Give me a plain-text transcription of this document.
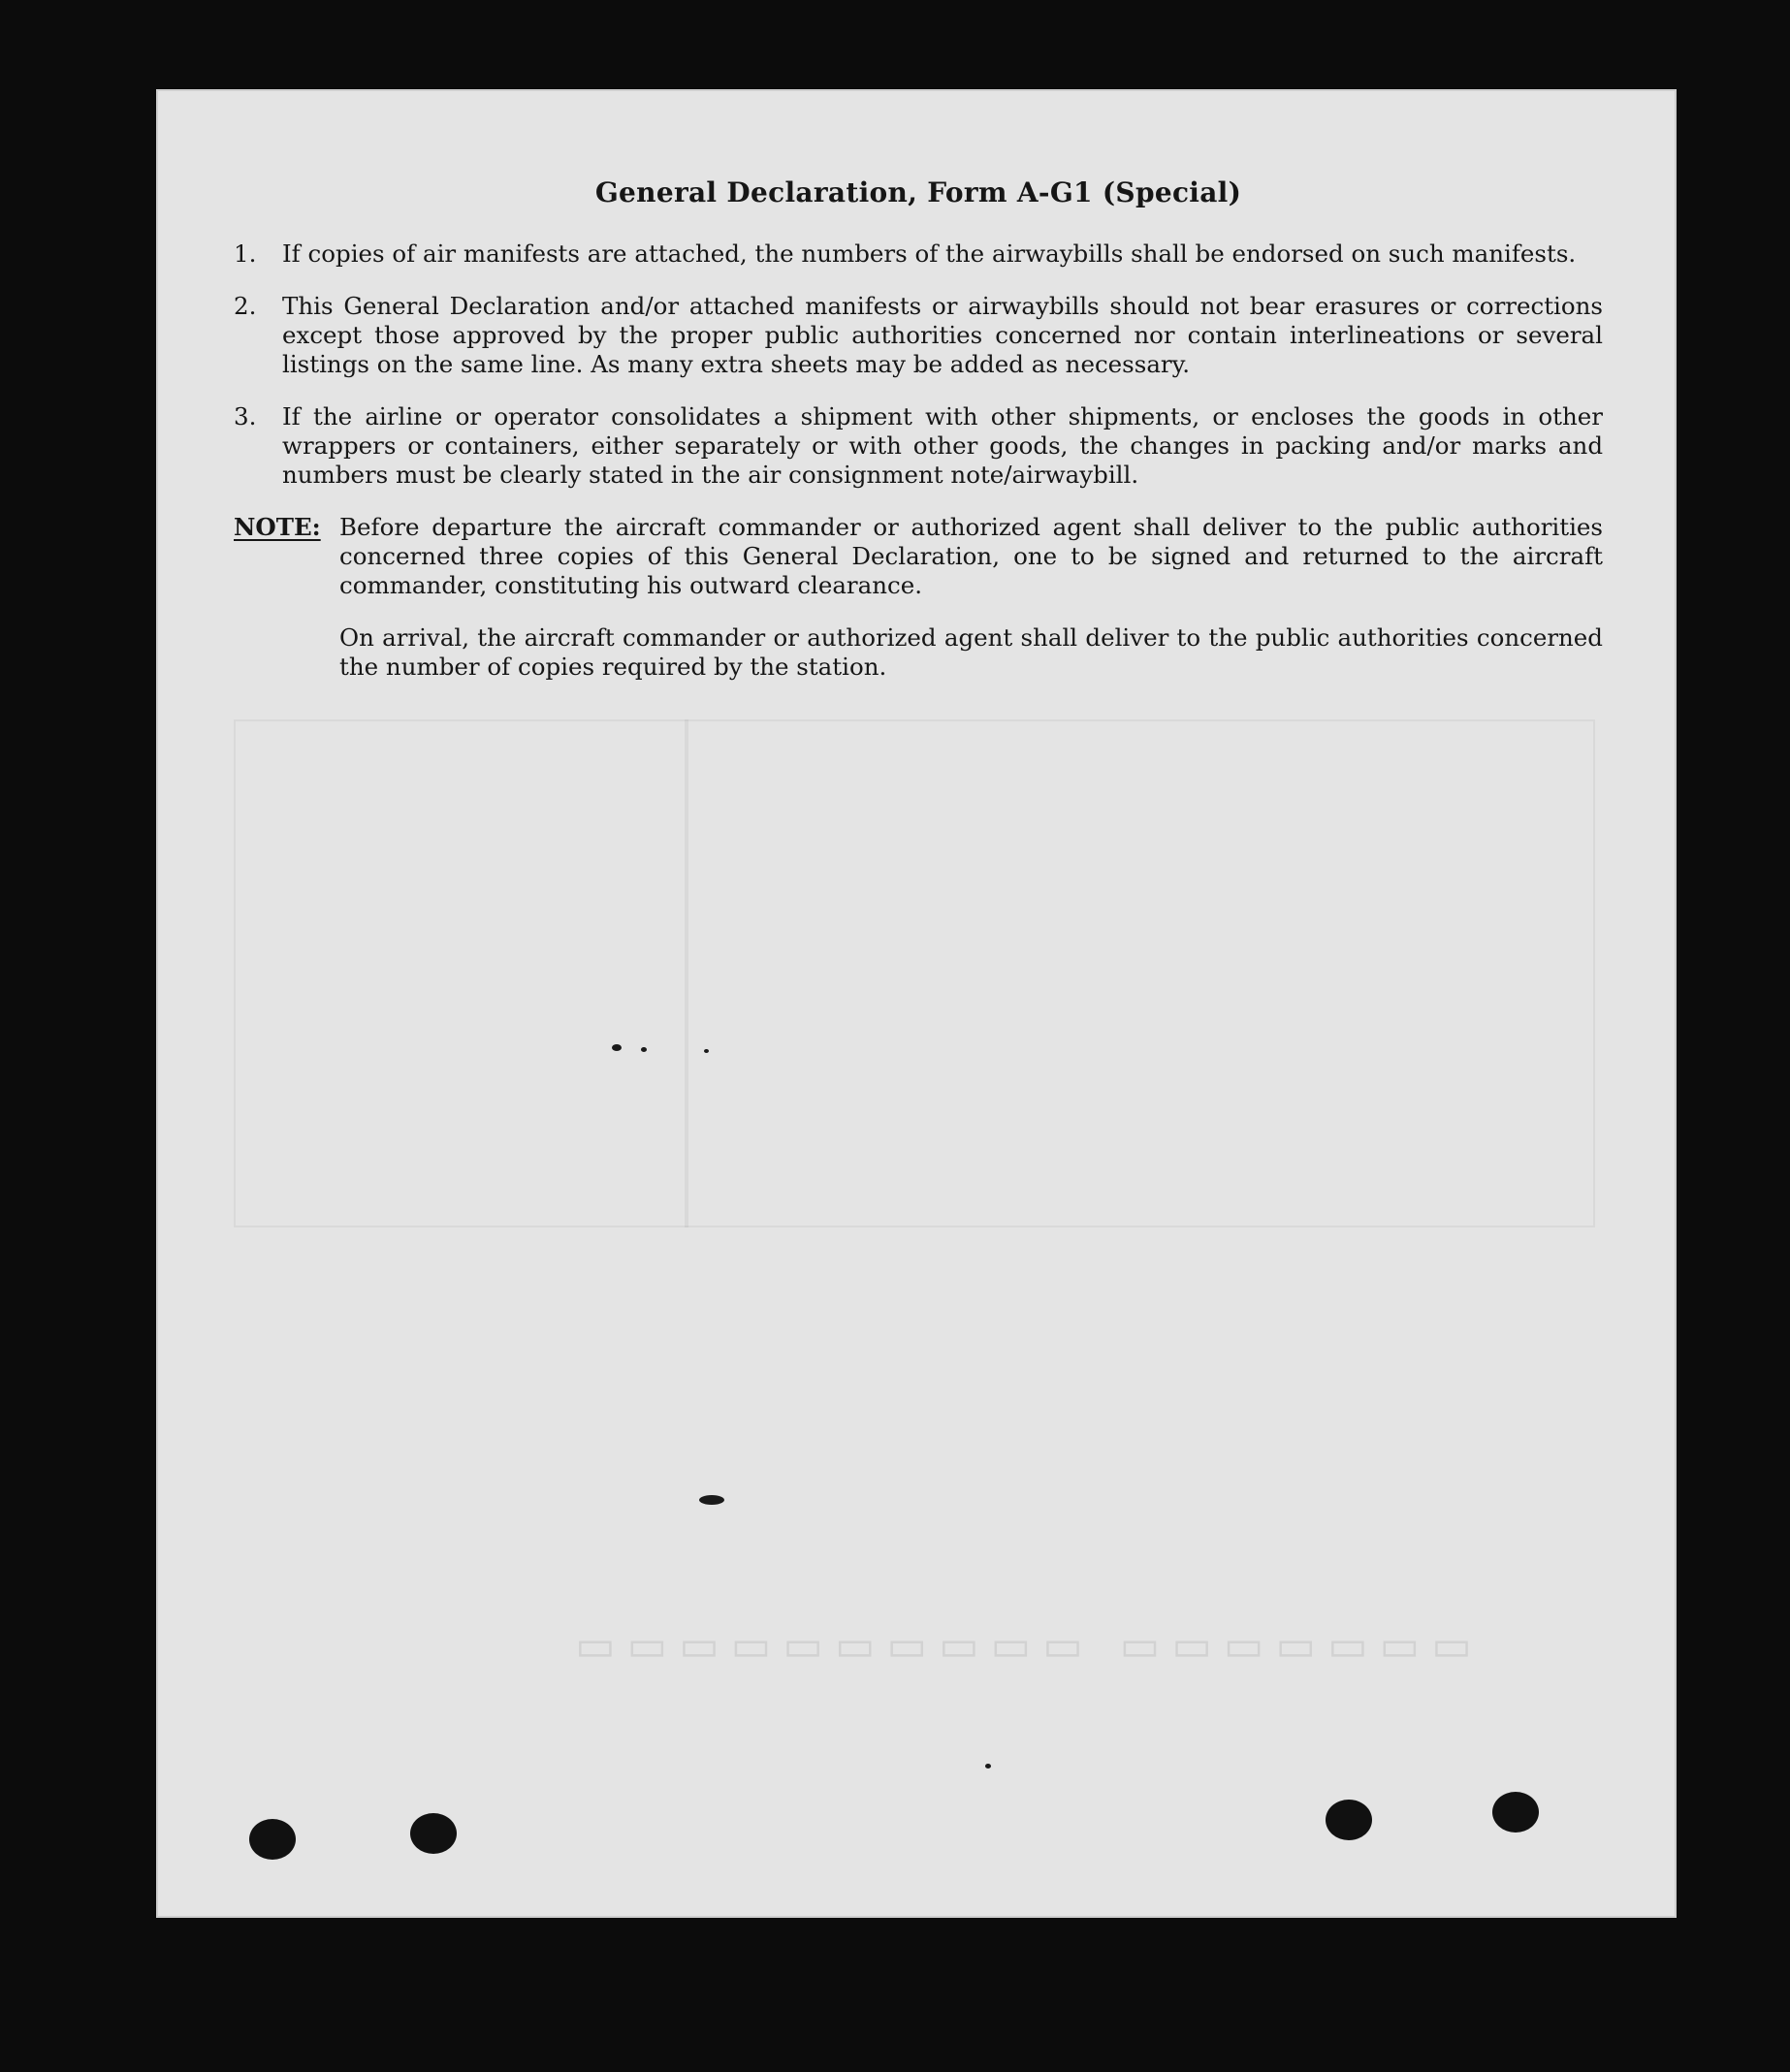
▭▭▭▭▭▭▭ ▭▭▭▭▭▭▭▭▭▭
General Declaration, Form A-G1 (Special)
1.	If copies of air manifests are attached, the numbers of the airwaybills shall be endorsed on such manifests.
2.	This General Declaration and/or attached manifests or airwaybills should not bear erasures or corrections except those approved by the proper public authorities concerned nor contain interlineations or several listings on the same line. As many extra sheets may be added as necessary.
3.	If the airline or operator consolidates a shipment with other shipments, or encloses the goods in other wrappers or containers, either separately or with other goods, the changes in packing and/or marks and numbers must be clearly stated in the air consignment note/airwaybill.
NOTE: Before departure the aircraft commander or authorized agent shall deliver to the public authorities concerned three copies of this General Declaration, one to be signed and returned to the aircraft commander, constituting his outward clearance.

On arrival, the aircraft commander or authorized agent shall deliver to the public authorities concerned the number of copies required by the station.
